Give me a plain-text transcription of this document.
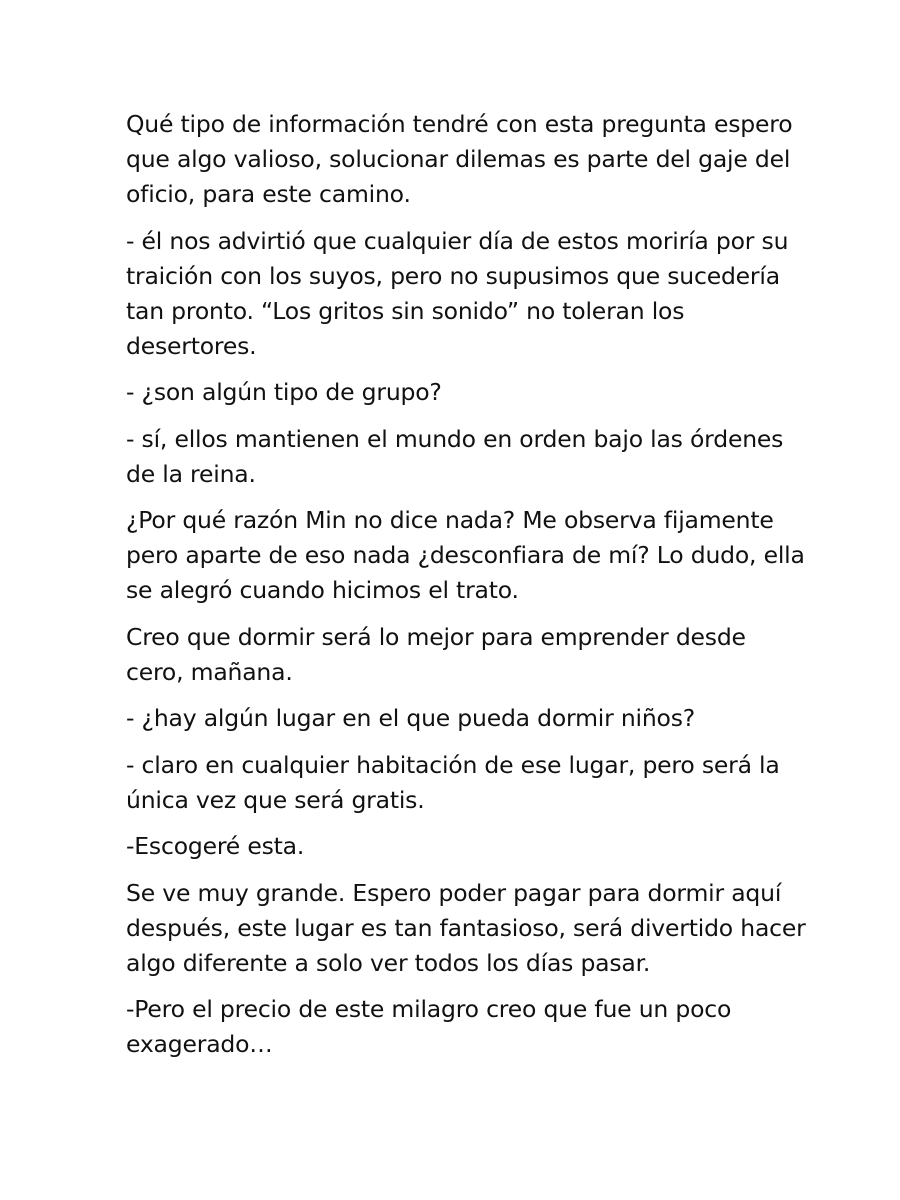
Qué tipo de información tendré con esta pregunta espero que algo valioso, solucionar dilemas es parte del gaje del oficio, para este camino.

- él nos advirtió que cualquier día de estos moriría por su traición con los suyos, pero no supusimos que sucedería tan pronto. “Los gritos sin sonido” no toleran los desertores.

- ¿son algún tipo de grupo?

- sí, ellos mantienen el mundo en orden bajo las órdenes de la reina.

¿Por qué razón Min no dice nada? Me observa fijamente pero aparte de eso nada ¿desconfiara de mí? Lo dudo, ella se alegró cuando hicimos el trato.

Creo que dormir será lo mejor para emprender desde cero, mañana.

- ¿hay algún lugar en el que pueda dormir niños?

- claro en cualquier habitación de ese lugar, pero será la única vez que será gratis.

-Escogeré esta.

Se ve muy grande. Espero poder pagar para dormir aquí después, este lugar es tan fantasioso, será divertido hacer algo diferente a solo ver todos los días pasar.

-Pero el precio de este milagro creo que fue un poco exagerado…
